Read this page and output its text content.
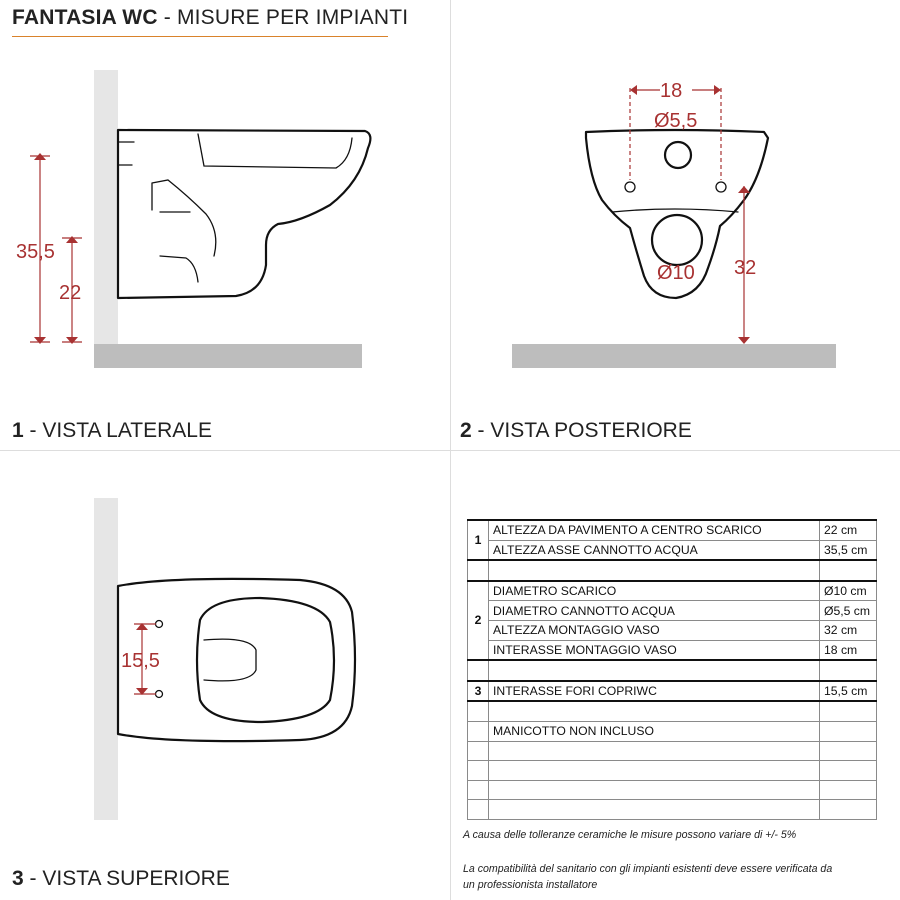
FANTASIA WC - MISURE PER IMPIANTI
35,5
22
18
Ø5,5
Ø10 32
15,5
1 - VISTA LATERALE	2 - VISTA POSTERIORE
3 - VISTA SUPERIORE
1	ALTEZZA DA PAVIMENTO A CENTRO SCARICO	22 cm
	ALTEZZA ASSE CANNOTTO ACQUA	35,5 cm

2	DIAMETRO SCARICO	Ø10 cm
	DIAMETRO CANNOTTO ACQUA	Ø5,5 cm
	ALTEZZA MONTAGGIO VASO	32 cm
	INTERASSE MONTAGGIO VASO	18 cm

3	INTERASSE FORI COPRIWC	15,5 cm

	MANICOTTO NON INCLUSO	

A causa delle tolleranze ceramiche le misure possono variare di +/- 5%
La compatibilità del sanitario con gli impianti esistenti deve essere verificata da
un professionista installatore
